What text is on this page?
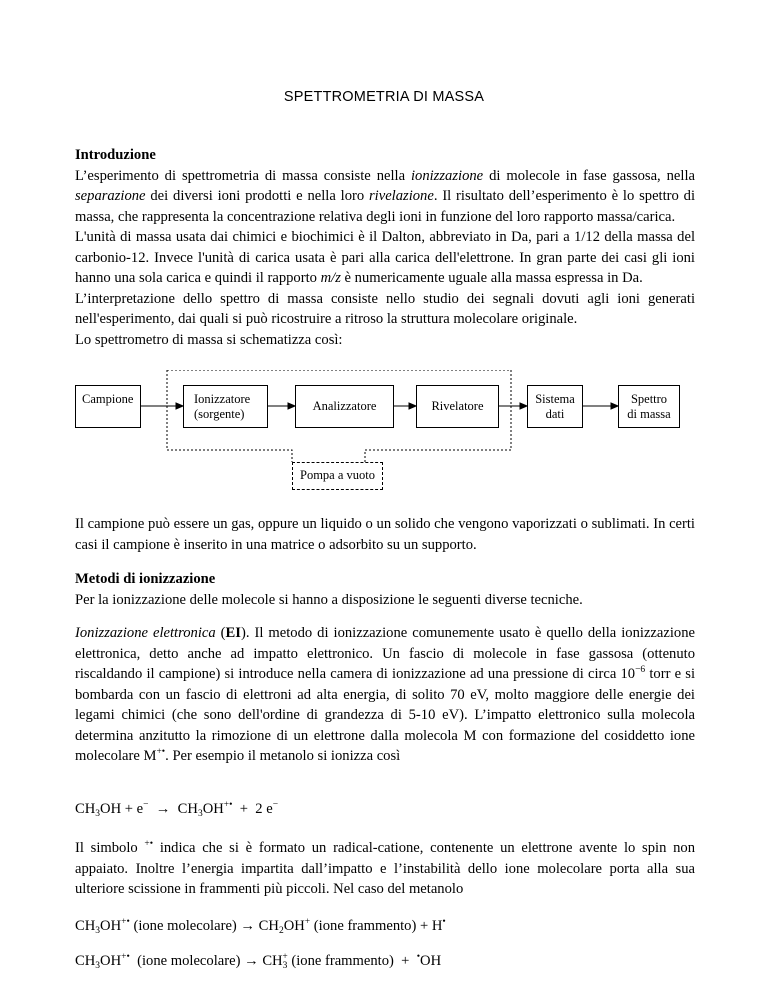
SPETTROMETRIA DI MASSA

Introduzione

L’esperimento di spettrometria di massa consiste nella ionizzazione di molecole in fase gassosa, nella separazione dei diversi ioni prodotti e nella loro rivelazione. Il risultato dell’esperimento è lo spettro di massa, che rappresenta la concentrazione relativa degli ioni in funzione del loro rapporto massa/carica.

L'unità di massa usata dai chimici e biochimici è il Dalton, abbreviato in Da, pari a 1/12 della massa del carbonio-12. Invece l'unità di carica usata è pari alla carica dell'elettrone. In gran parte dei casi gli ioni hanno una sola carica e quindi il rapporto m/z è numericamente uguale alla massa espressa in Da.

L’interpretazione dello spettro di massa consiste nello studio dei segnali dovuti agli ioni generati nell'esperimento, dai quali si può ricostruire a ritroso la struttura molecolare originale.

Lo spettrometro di massa si schematizza così:

Campione	Ionizzatore
(sorgente)
Analizzatore	Rivelatore	Sistema
dati
Spettro
di massa
Pompa a vuoto

Il campione può essere un gas, oppure un liquido o un solido che vengono vaporizzati o sublimati. In certi casi il campione è inserito in una matrice o adsorbito su un supporto.

Metodi di ionizzazione

Per la ionizzazione delle molecole si hanno a disposizione le seguenti diverse tecniche.

Ionizzazione elettronica (EI). Il metodo di ionizzazione comunemente usato è quello della ionizzazione elettronica, detto anche ad impatto elettronico. Un fascio di molecole in fase gassosa (ottenuto riscaldando il campione) si introduce nella camera di ionizzazione ad una pressione di circa $10^{-6}$ torr e si bombarda con un fascio di elettroni ad alta energia, di solito 70 eV, molto maggiore delle energie dei legami chimici (che sono dell'ordine di grandezza di 5-10 eV). L’impatto elettronico sulla molecola determina anzitutto la rimozione di un elettrone dalla molecola M con formazione del cosiddetto ione molecolare M+•. Per esempio il metanolo si ionizza così

$CH_3OH + e^- \to CH_3OH^{+•} + 2$ e−

Il simbolo +• indica che si è formato un radical-catione, contenente un elettrone avente lo spin non appaiato. Inoltre l’energia impartita dall’impatto e l’instabilità dello ione molecolare porta alla sua ulteriore scissione in frammenti più piccoli. Nel caso del metanolo

$CH_3OH^{+•}$ (ione molecolare) → $CH_2OH^+$ (ione frammento) + H•
$CH_3OH^{+•}$  (ione molecolare) → $CH_3^+$ (ione frammento)  +  •OH
